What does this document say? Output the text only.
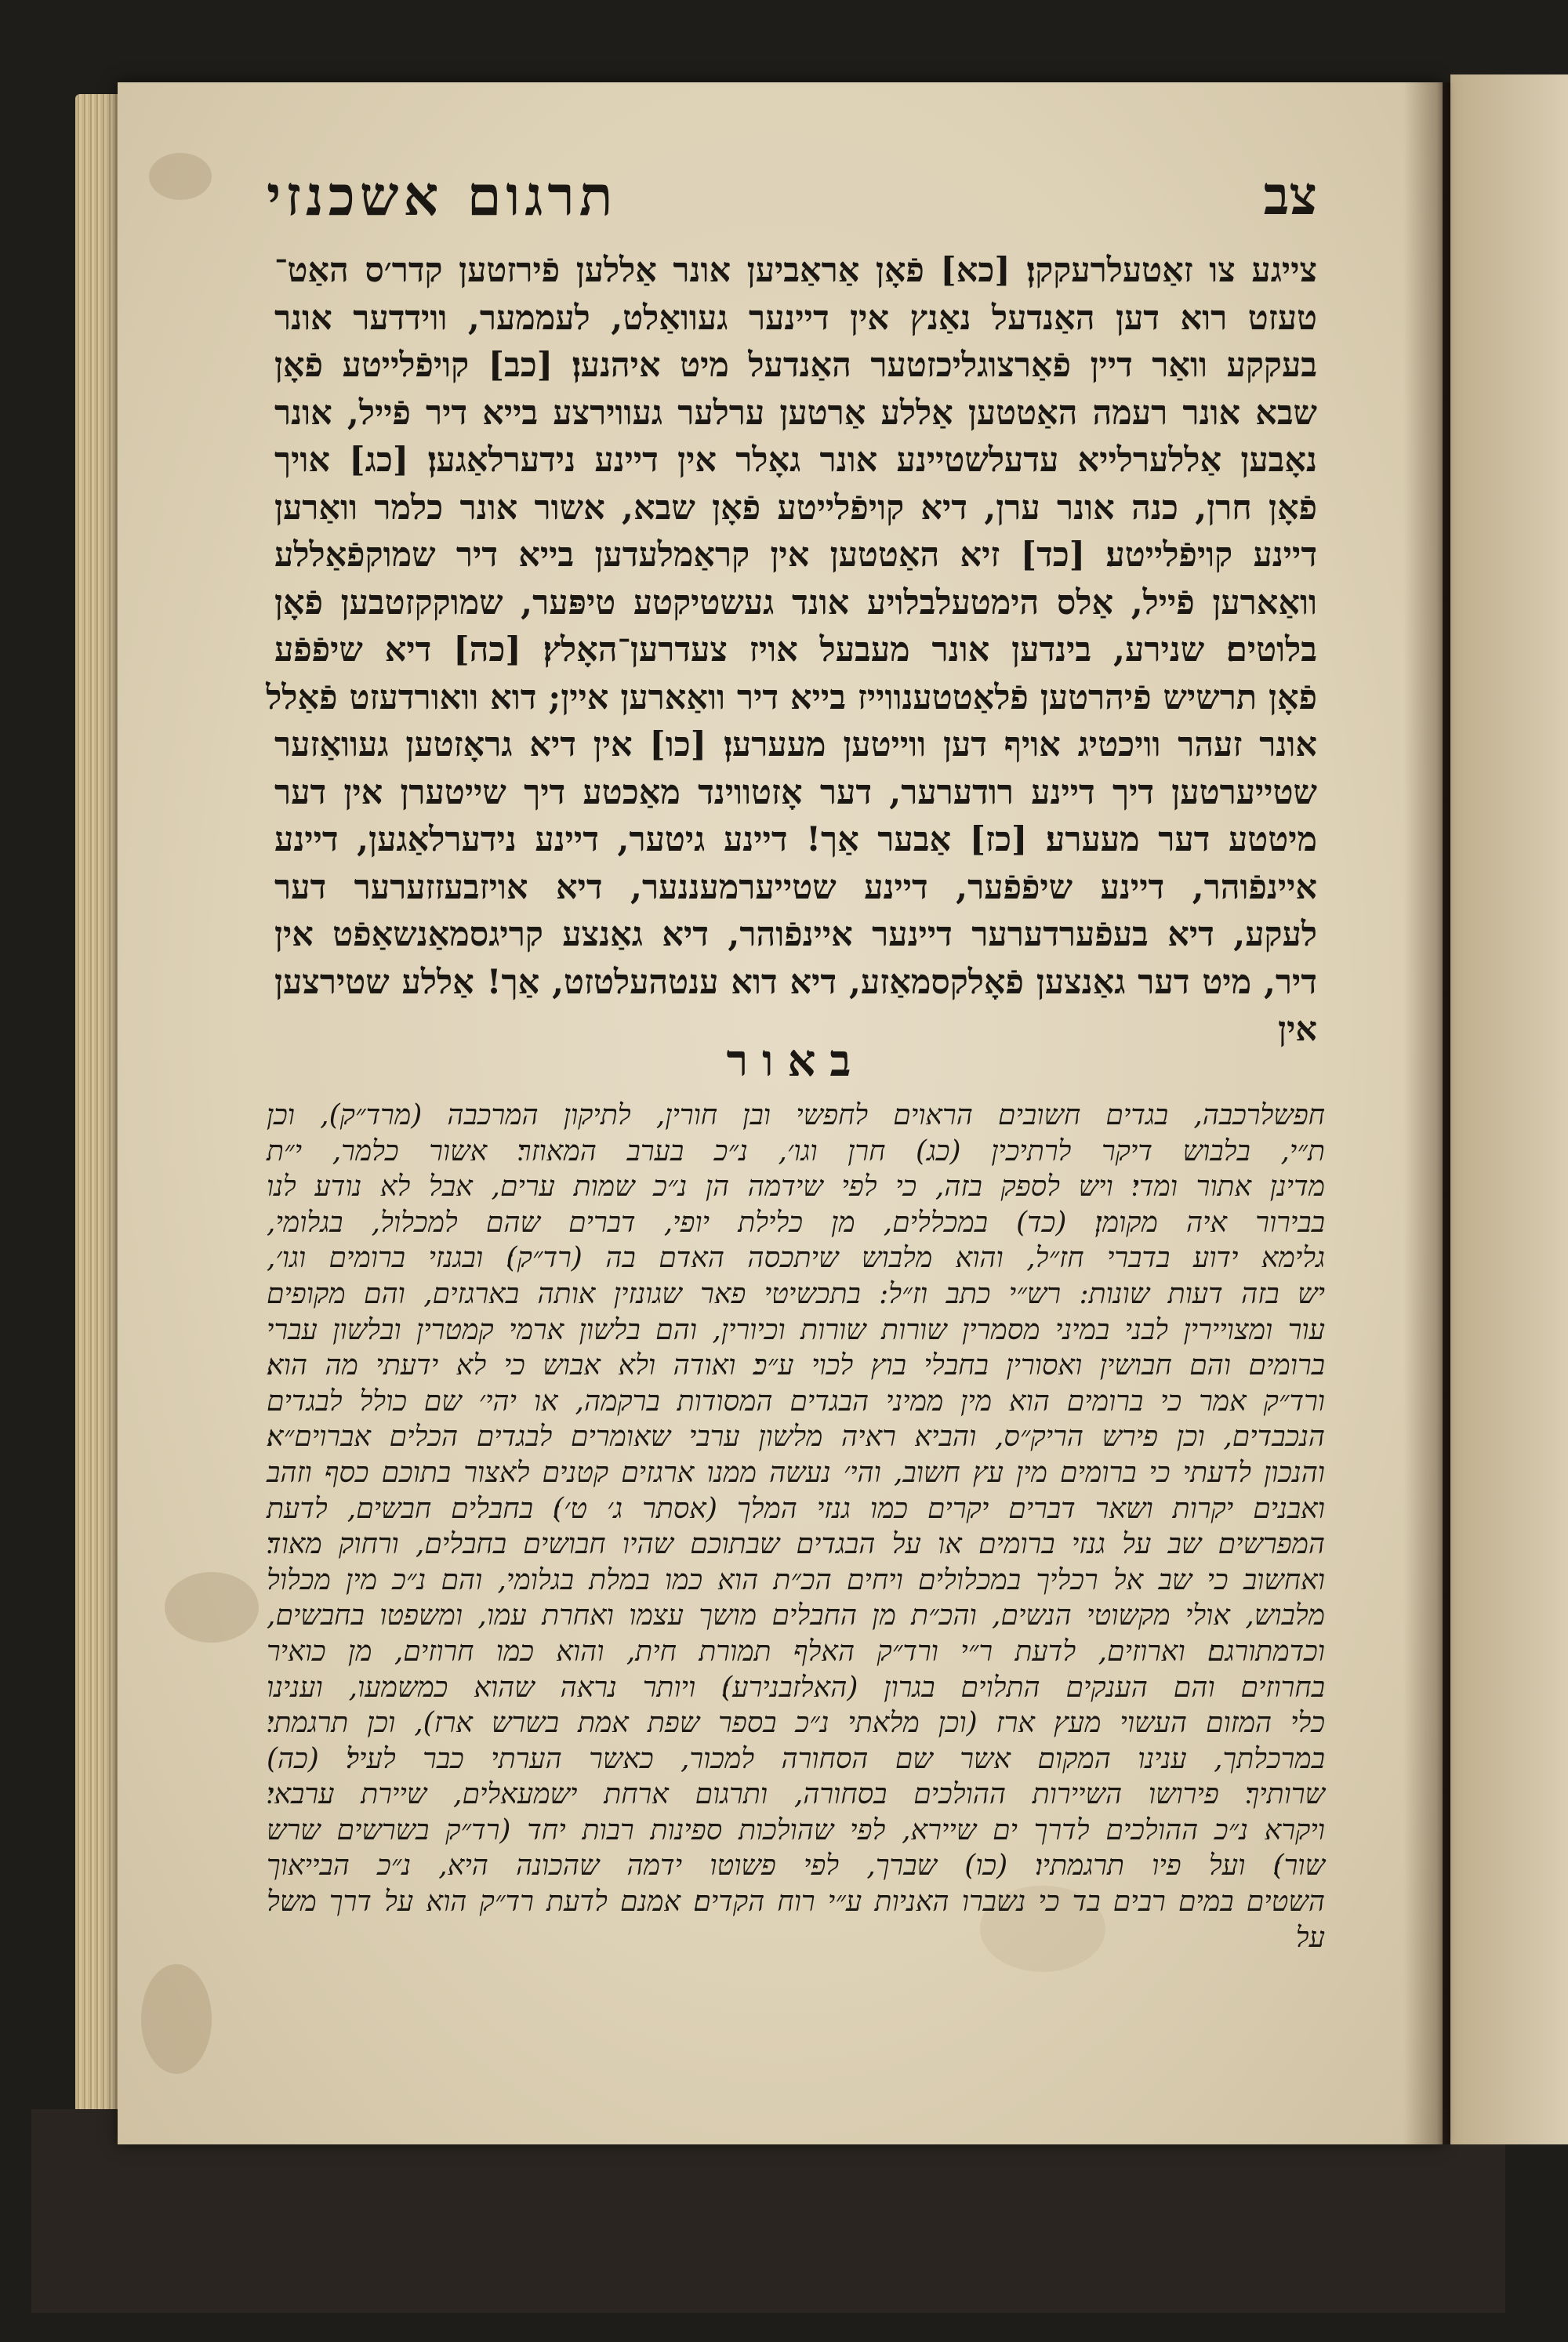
צב
תרגום אשכנזי
צייגע צו זאַטעלרעקקן׃ [כא] פֿאָן אַראַביען אונר אַללען פֿירזטען קדר׳ס האַט־
טעזט רוא דען האַנדעל נאַנץ אין דיינער געוואַלט, לעממער, ווידדער אונר
בעקקע וואַר דיין פֿאַרצוגליכזטער האַנדעל מיט איהנען׃ [כב] קויפֿלייטע פֿאָן
שבא אונר רעמה האַטטען אַללע אַרטען ערלער געווירצע בייא דיר פֿייל, אונר
נאָבען אַללערלייא עדעלשטיינע אונר גאָלר אין דיינע נידערלאַגען׃ [כג] אויך
פֿאָן חרן, כנה אונר ערן, דיא קויפֿלייטע פֿאָן שבא, אשור אונר כלמר וואַרען
דיינע קויפֿלייטע׃ [כד] זיא האַטטען אין קראַמלעדען בייא דיר שמוקפֿאַללע
וואַארען פֿייל, אַלס הימטעלבלויע אונד געשטיקטע טיפּער, שמוקקזטבען פֿאָן
בלוטים׃ שנירע, בינדען אונר מעבעל אויז צעדרען־האָלץ׃ [כה] דיא שיפֿפֿע
פֿאָן תרשיש פֿיהרטען פֿלאַטטענווייז בייא דיר וואַארען איין; דוא וואורדעזט פֿאַלל
אונר זעהר וויכטיג אויף דען ווייטען מעערען׃ [כו] אין דיא גראָזטען געוואַזער
שטייערטען דיך דיינע רודערער, דער אָזטווינד מאַכטע דיך שייטערן אין דער
מיטטע דער מעערע׃ [כז] אַבער אַך! דיינע גיטער, דיינע נידערלאַגען, דיינע
איינפֿוהר, דיינע שיפֿפֿער, דיינע שטייערמעננער, דיא אויזבעזזערער דער
לעקע, דיא בעפֿערדערער דיינער איינפֿוהר, דיא גאַנצע קריגסמאַנשאַפֿט אין
דיר, מיט דער גאַנצען פֿאָלקסמאַזע, דיא דוא ענטהעלטזט, אַך! אַללע שטירצען
אין
באור
חפשלרכבה, בגדים חשובים הראוים לחפשי ובן חורין, לתיקון המרכבה (מרד״ק), וכן
ת״י, בלבוש דיקר לרתיכין (כג) חרן וגו׳, נ״כ בערב המאוזר׃ אשור כלמר, י״ת
מדינן אתור ומדי׃ ויש לספק בזה, כי לפי שידמה הן נ״כ שמות ערים, אבל לא נודע לנו
בבירור איה מקומן׃ (כד) במכללים, מן כלילת יופי, דברים שהם למכלול, בגלומי,
גלימא ידוע בדברי חז״ל, והוא מלבוש שיתכסה האדם בה (רד״ק)׃ ובגנזי ברומים וגו׳,
יש בזה דעות שונות: רש״י כתב וז״ל: בתכשיטי פאר שגונזין אותה בארגזים, והם מקופים
עור ומצויירין לבני במיני מסמרין שורות שורות וכיורין, והם בלשון ארמי קמטרין ובלשון עברי
ברומים והם חבושין ואסורין בחבלי בוץ לכוי ע״כ׃ ואודה ולא אבוש כי לא ידעתי מה הוא׃
ורד״ק אמר כי ברומים הוא מין ממיני הבגדים המסודות ברקמה, או יהי׳ שם כולל לבגדים
הנכבדים, וכן פירש הריק״ס, והביא ראיה מלשון ערבי שאומרים לבגדים הכלים אברוים״א׃
והנכון לדעתי כי ברומים מין עץ חשוב, והי׳ נעשה ממנו ארגזים קטנים לאצור בתוכם כסף וזהב
ואבנים יקרות ושאר דברים יקרים כמו גנזי המלך (אסתר ג׳ ט׳)׃ בחבלים חבשים, לדעת
המפרשים שב על גנזי ברומים או על הבגדים שבתוכם שהיו חבושים בחבלים, ורחוק מאוד׃
ואחשוב כי שב אל רכליך במכלולים ויחים הכ״ת הוא כמו במלת בגלומי, והם נ״כ מין מכלול
מלבוש, אולי מקשוטי הנשים, והכ״ת מן החבלים מושך עצמו ואחרת עמו, ומשפטו בחבשים,
וכדמתורגם׃ וארוזים, לדעת ר״י ורד״ק האלף תמורת חית, והוא כמו חרוזים, מן כואיר
בחרוזים והם הענקים התלוים בגרון (האלזבנירע)׃ ויותר נראה שהוא כמשמעו, וענינו
כלי המזום העשוי מעץ ארז (וכן מלאתי נ״כ בספר שפת אמת בשרש ארז), וכן תרגמתי׃
במרכלתך, ענינו המקום אשר שם הסחורה למכור, כאשר הערתי כבר לעיל׃ (כה)
שרותיך׃ פירושו השיירות ההולכים בסחורה, ותרגום ארחת ישמעאלים, שיירת ערבאי׃
ויקרא נ״כ ההולכים לדרך ים שיירא, לפי שהולכות ספינות רבות יחד (רד״ק בשרשים שרש
שור)׃ ועל פיו תרגמתיו׃ (כו) שברך, לפי פשוטו ידמה שהכונה היא, נ״כ הבייאוך
השטים במים רבים בד כי נשברו האניות ע״י רוח הקדים׃ אמנם לדעת רד״ק הוא על דרך משל
על
